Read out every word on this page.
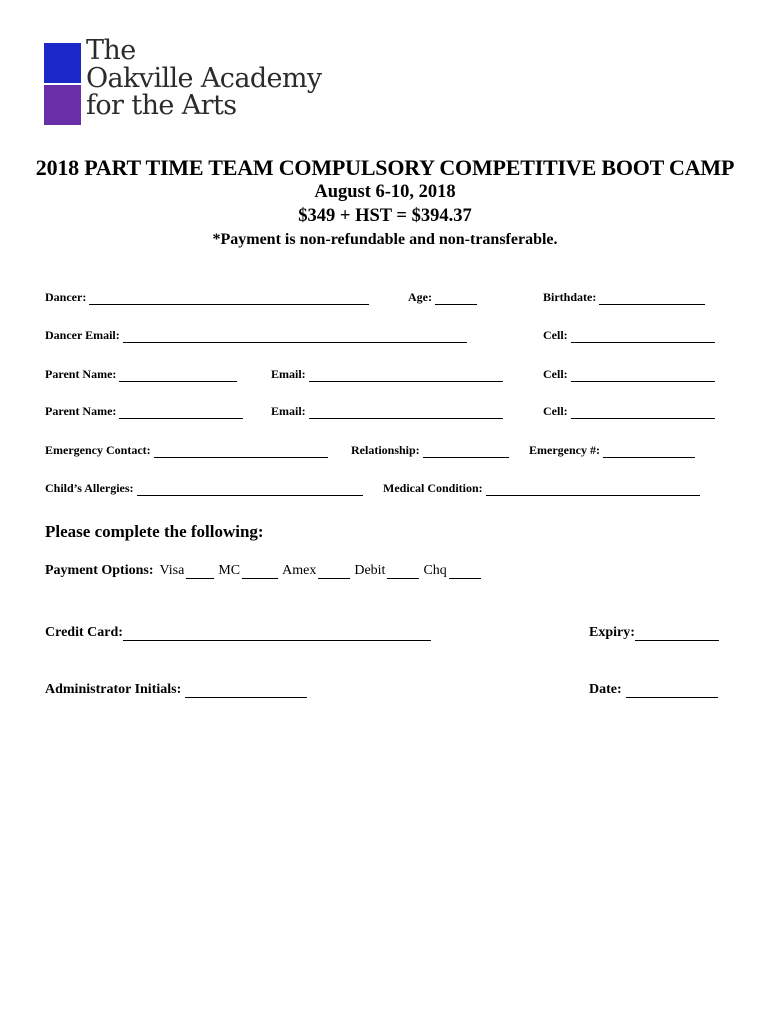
The
Oakville Academy
for the Arts
2018 PART TIME TEAM COMPULSORY COMPETITIVE BOOT CAMP
August 6-10, 2018
$349 + HST = $394.37
*Payment is non-refundable and non-transferable.
Dancer:	Age:	Birthdate:
Dancer Email:	Cell:
Parent Name:	Email:	Cell:
Parent Name:	Email:	Cell:
Emergency Contact:	Relationship:	Emergency #:
Child’s Allergies:	Medical Condition:
Please complete the following:
Payment Options: Visa MC	Amex	Debit	Chq
Credit Card:	Expiry:
Administrator Initials:	Date:
